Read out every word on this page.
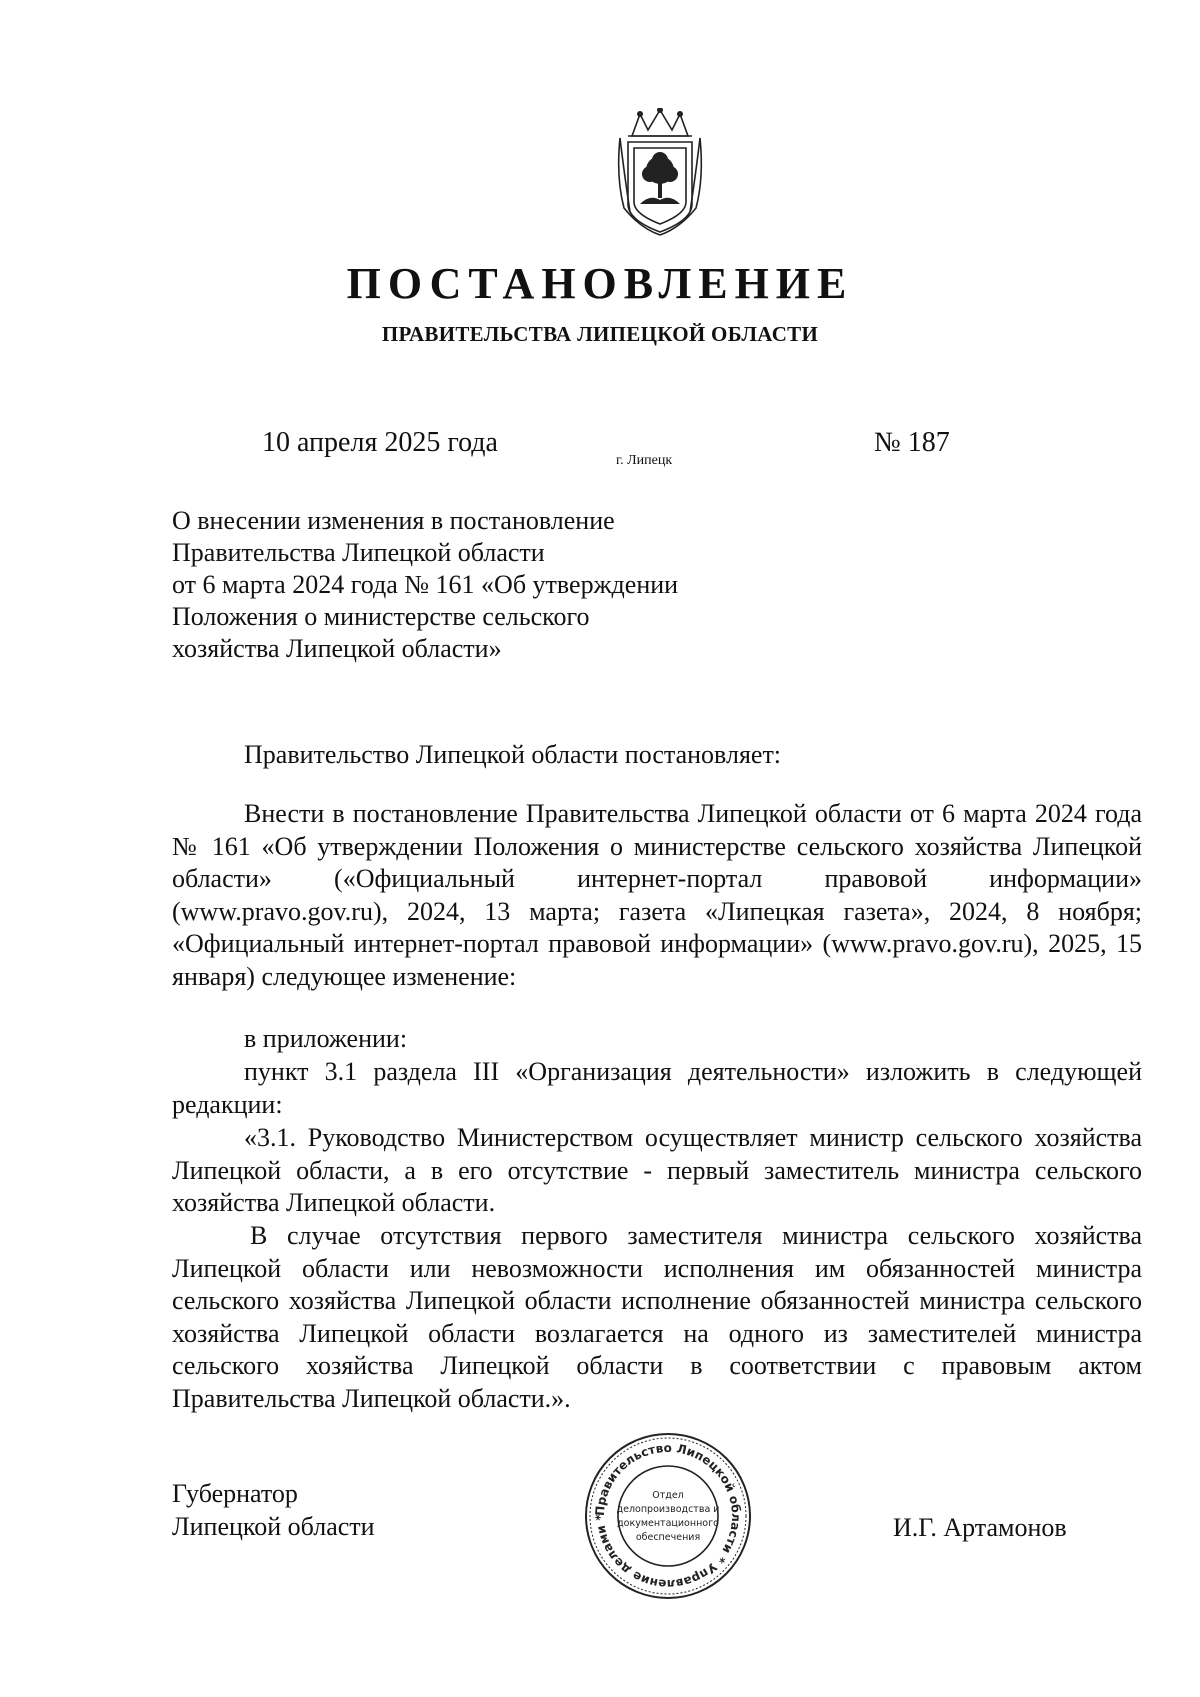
ПОСТАНОВЛЕНИЕ
ПРАВИТЕЛЬСТВА ЛИПЕЦКОЙ ОБЛАСТИ
10 апреля 2025 года
г. Липецк
№ 187
О внесении изменения в постановление
Правительства Липецкой области
от 6 марта 2024 года № 161 «Об утверждении
Положения о министерстве сельского
хозяйства Липецкой области»
Правительство Липецкой области постановляет:
Внести в постановление Правительства Липецкой области от 6 марта 2024 года № 161 «Об утверждении Положения о министерстве сельского хозяйства Липецкой области» («Официальный интернет-портал правовой информации» (www.pravo.gov.ru), 2024, 13 марта; газета «Липецкая газета», 2024, 8 ноября; «Официальный интернет-портал правовой информации» (www.pravo.gov.ru), 2025, 15 января) следующее изменение:
в приложении:
пункт 3.1 раздела III «Организация деятельности» изложить в следующей редакции:
«3.1. Руководство Министерством осуществляет министр сельского хозяйства Липецкой области, а в его отсутствие - первый заместитель министра сельского хозяйства Липецкой области.
В случае отсутствия первого заместителя министра сельского хозяйства Липецкой области или невозможности исполнения им обязанностей министра сельского хозяйства Липецкой области исполнение обязанностей министра сельского хозяйства Липецкой области возлагается на одного из заместителей министра сельского хозяйства Липецкой области в соответствии с правовым актом Правительства Липецкой области.».
Губернатор
Липецкой области	И.Г. Артамонов
Правительство Липецкой области * Управление делами *
Отдел
делопроизводства и
документационного
обеспечения
